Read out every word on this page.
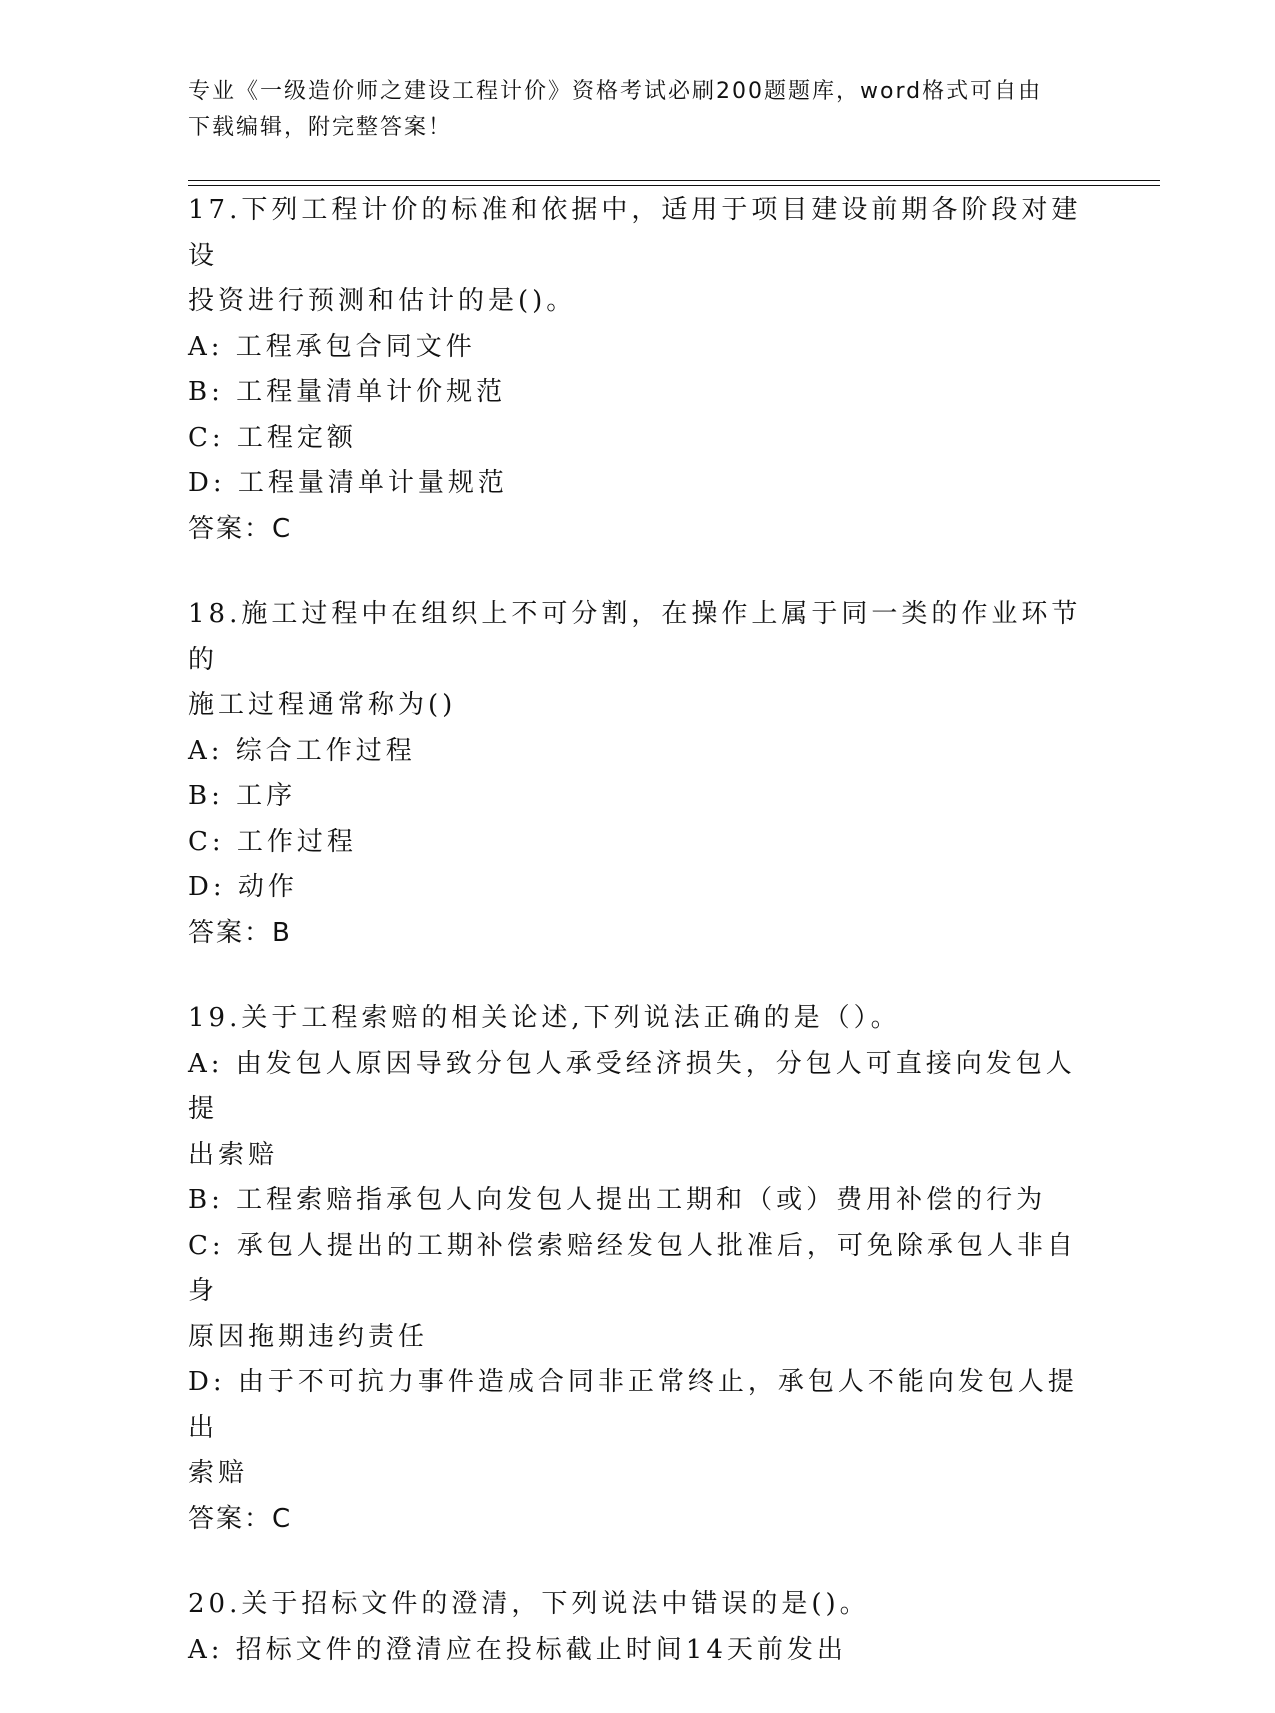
专业《一级造价师之建设工程计价》资格考试必刷200题题库，word格式可自由
下载编辑，附完整答案！
17.下列工程计价的标准和依据中，适用于项目建设前期各阶段对建设
投资进行预测和估计的是()。
A: 工程承包合同文件
B: 工程量清单计价规范
C: 工程定额
D: 工程量清单计量规范
答案：C
18.施工过程中在组织上不可分割，在操作上属于同一类的作业环节的
施工过程通常称为()
A: 综合工作过程
B: 工序
C: 工作过程
D: 动作
答案：B
19.关于工程索赔的相关论述,下列说法正确的是（）。
A: 由发包人原因导致分包人承受经济损失，分包人可直接向发包人提
出索赔
B: 工程索赔指承包人向发包人提出工期和（或）费用补偿的行为
C: 承包人提出的工期补偿索赔经发包人批准后，可免除承包人非自身
原因拖期违约责任
D: 由于不可抗力事件造成合同非正常终止，承包人不能向发包人提出
索赔
答案：C
20.关于招标文件的澄清，下列说法中错误的是()。
A: 招标文件的澄清应在投标截止时间14天前发出
